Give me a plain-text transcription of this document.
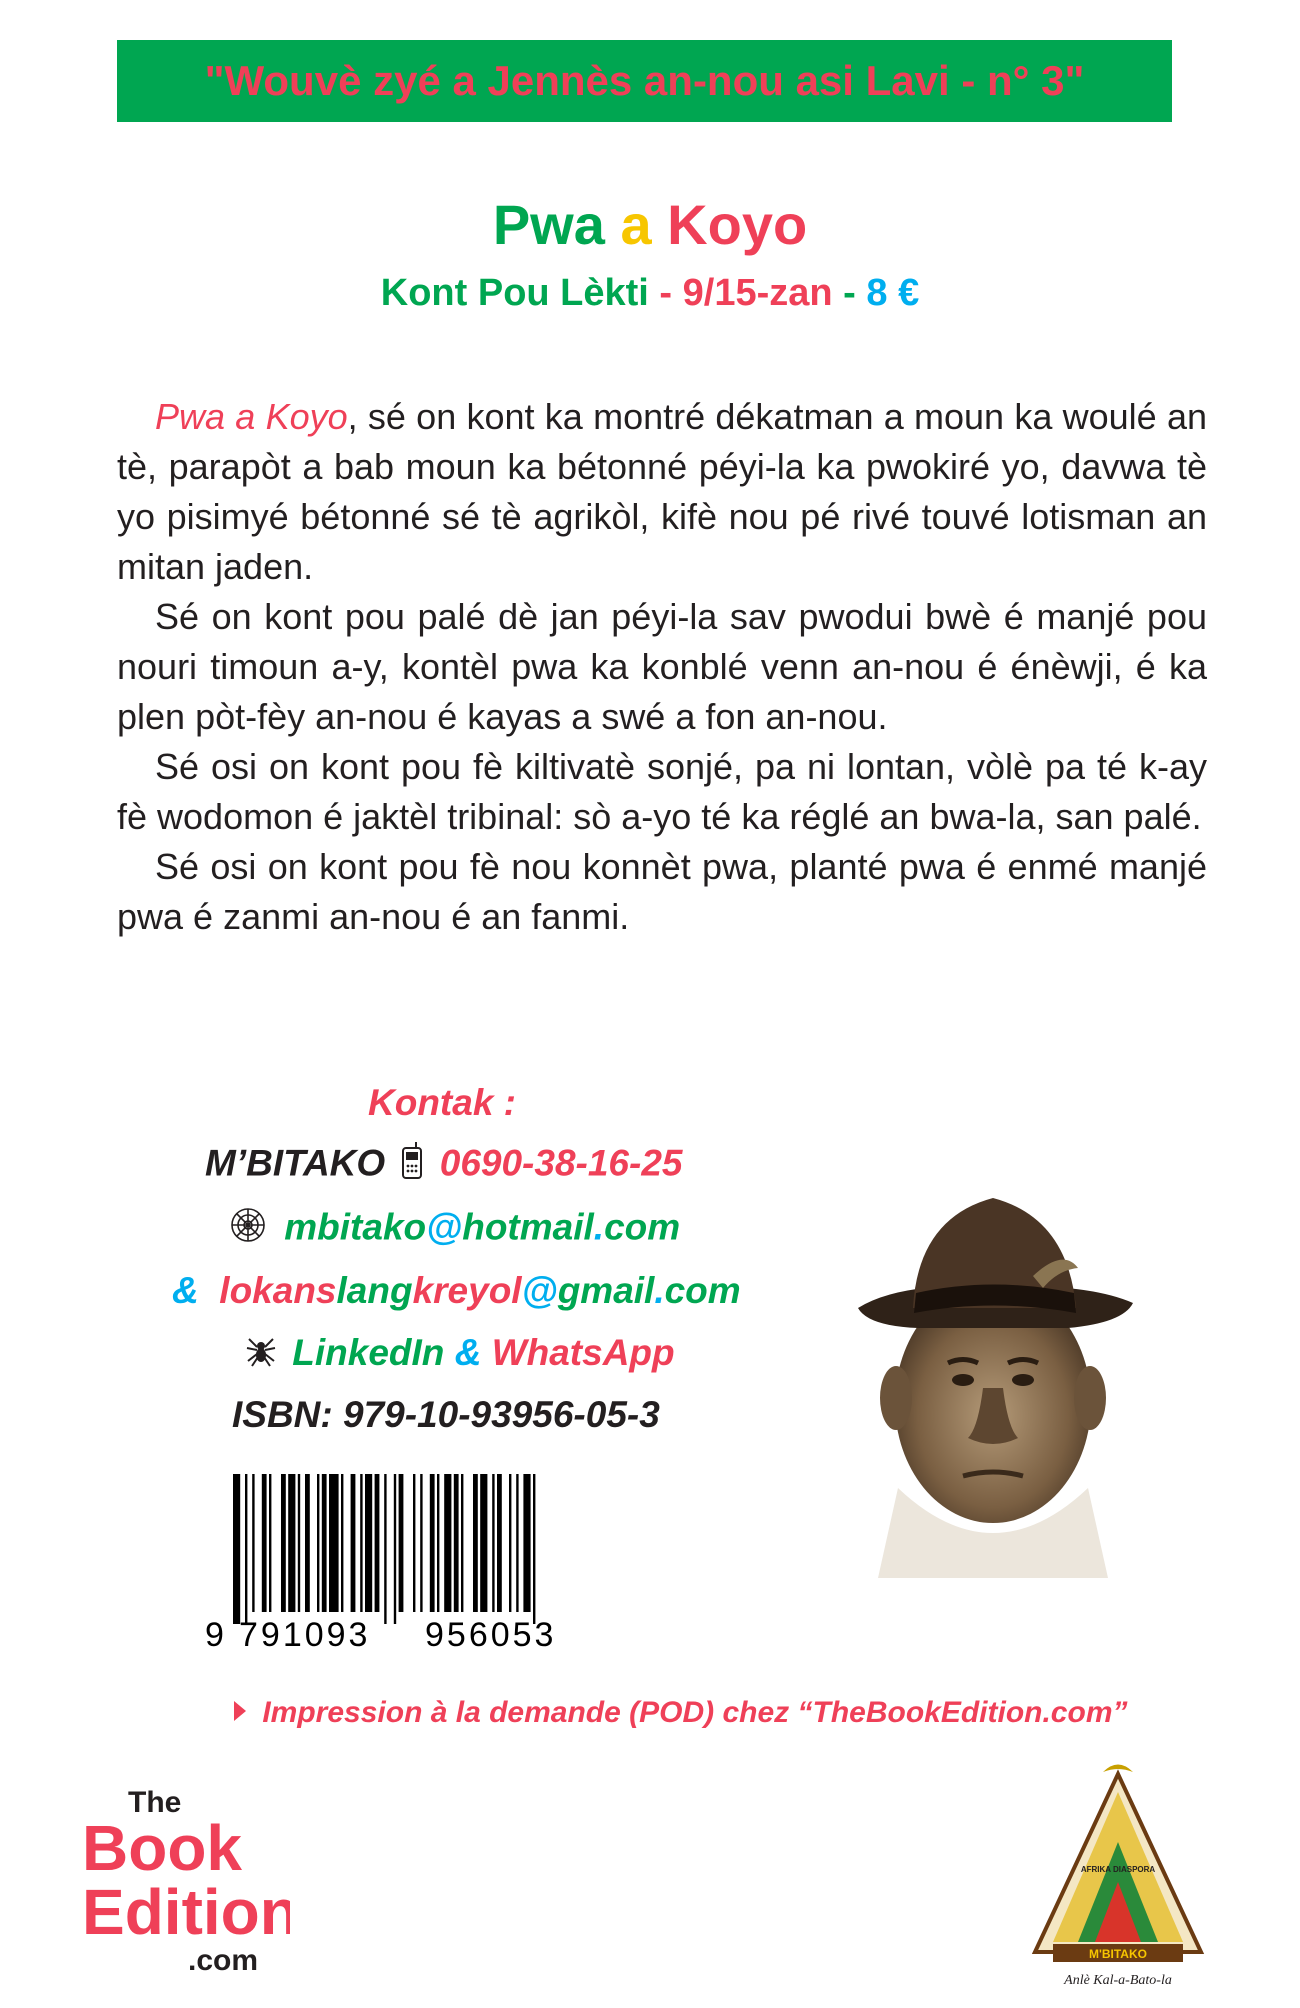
"Wouvè zyé a Jennès an-nou asi Lavi - n° 3"
Pwa a Koyo
Kont Pou Lèkti - 9/15-zan - 8 €

Pwa a Koyo, sé on kont ka montré dékatman a moun ka woulé an tè, parapòt a bab moun ka bétonné péyi-la ka pwokiré yo, davwa tè yo pisimyé bétonné sé tè agrikòl, kifè nou pé rivé touvé lotisman an mitan jaden.

Sé on kont pou palé dè jan péyi-la sav pwodui bwè é manjé pou nouri timoun a-y, kontèl pwa ka konblé venn an-nou é énèwji, é ka plen pòt-fèy an-nou é kayas a swé a fon an-nou.

Sé osi on kont pou fè kiltivatè sonjé, pa ni lontan, vòlè pa té k-ay fè wodomon é jaktèl tribinal: sò a-yo té ka réglé an bwa-la, san palé.

Sé osi on kont pou fè nou konnèt pwa, planté pwa é enmé manjé pwa é zanmi an-nou é an fanmi.

Kontak :
M’BITAKO 0690-38-16-25
mbitako@hotmail.com
& lokanslangkreyol@gmail.com
LinkedIn & WhatsApp
ISBN: 979-10-93956-05-3
9 791093 956053
Impression à la demande (POD) chez “TheBookEdition.com”
The
Book
Edition
.com	M'BITAKO
Anlè Kal-a-Bato-la
AFRIKA DIASPORA
